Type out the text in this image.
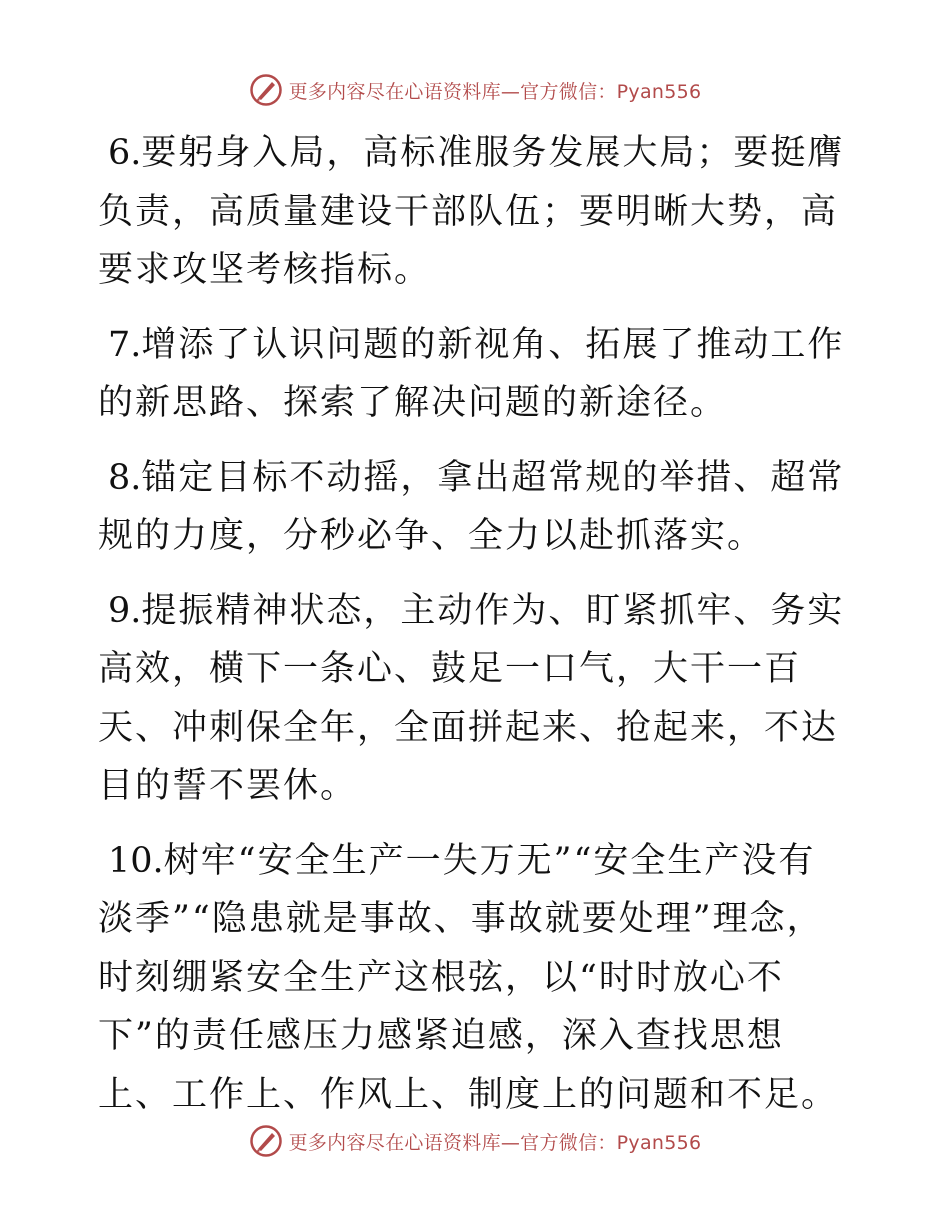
更多内容尽在心语资料库—官方微信：Pyan556

6.要躬身入局，高标准服务发展大局；要挺膺负责，高质量建设干部队伍；要明晰大势，高要求攻坚考核指标。

7.增添了认识问题的新视角、拓展了推动工作的新思路、探索了解决问题的新途径。

8.锚定目标不动摇，拿出超常规的举措、超常规的力度，分秒必争、全力以赴抓落实。

9.提振精神状态，主动作为、盯紧抓牢、务实高效，横下一条心、鼓足一口气，大干一百天、冲刺保全年，全面拼起来、抢起来，不达目的誓不罢休。

10.树牢“安全生产一失万无”“安全生产没有淡季”“隐患就是事故、事故就要处理”理念，时刻绷紧安全生产这根弦，以“时时放心不下”的责任感压力感紧迫感，深入查找思想上、工作上、作风上、制度上的问题和不足。

更多内容尽在心语资料库—官方微信：Pyan556
